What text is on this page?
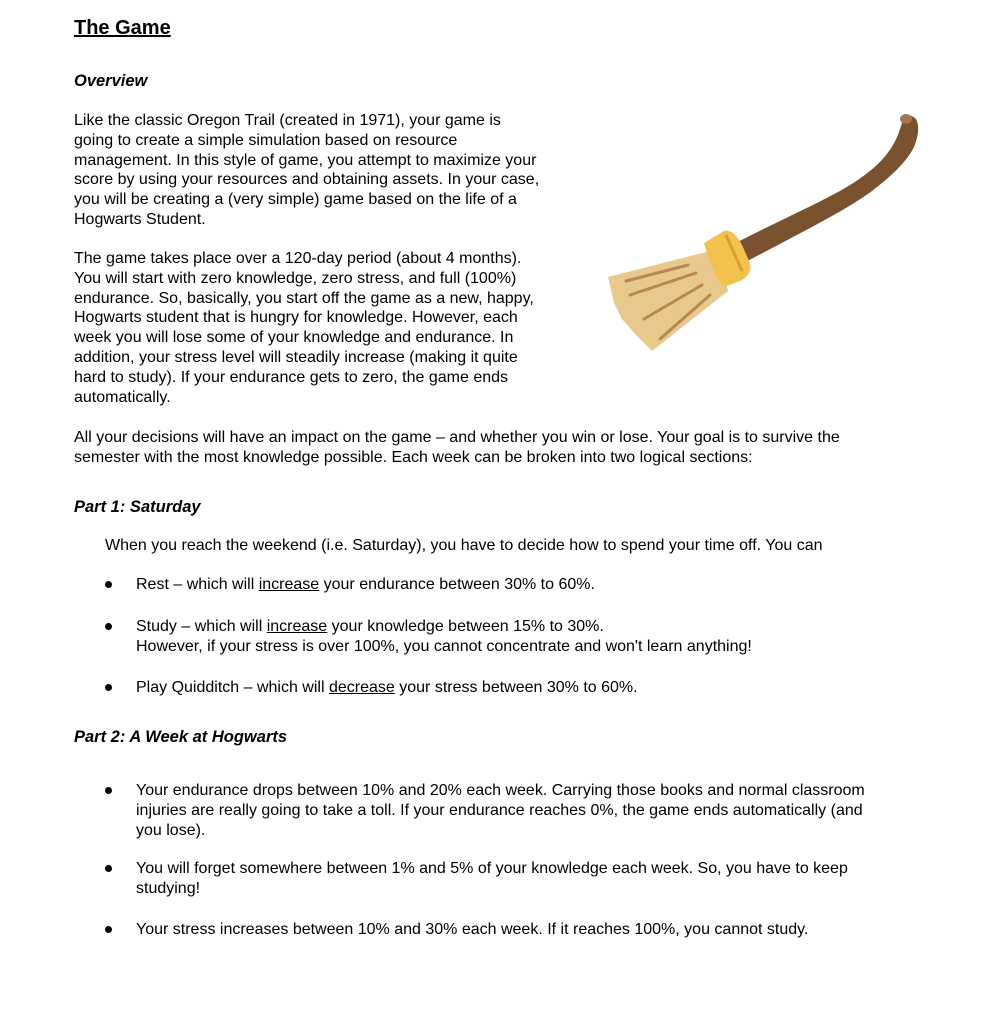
The Game
Overview
Like the classic Oregon Trail (created in 1971), your game is
going to create a simple simulation based on resource
management. In this style of game, you attempt to maximize your
score by using your resources and obtaining assets. In your case,
you will be creating a (very simple) game based on the life of a
Hogwarts Student.
The game takes place over a 120-day period (about 4 months).
You will start with zero knowledge, zero stress, and full (100%)
endurance. So, basically, you start off the game as a new, happy,
Hogwarts student that is hungry for knowledge. However, each
week you will lose some of your knowledge and endurance. In
addition, your stress level will steadily increase (making it quite
hard to study). If your endurance gets to zero, the game ends
automatically.
All your decisions will have an impact on the game – and whether you win or lose. Your goal is to survive the
semester with the most knowledge possible. Each week can be broken into two logical sections:
Part 1: Saturday
When you reach the weekend (i.e. Saturday), you have to decide how to spend your time off. You can
Rest – which will increase your endurance between 30% to 60%.
Study – which will increase your knowledge between 15% to 30%.
However, if your stress is over 100%, you cannot concentrate and won't learn anything!
Play Quidditch – which will decrease your stress between 30% to 60%.
Part 2: A Week at Hogwarts
Your endurance drops between 10% and 20% each week. Carrying those books and normal classroom
injuries are really going to take a toll. If your endurance reaches 0%, the game ends automatically (and
you lose).
You will forget somewhere between 1% and 5% of your knowledge each week. So, you have to keep
studying!
Your stress increases between 10% and 30% each week. If it reaches 100%, you cannot study.
